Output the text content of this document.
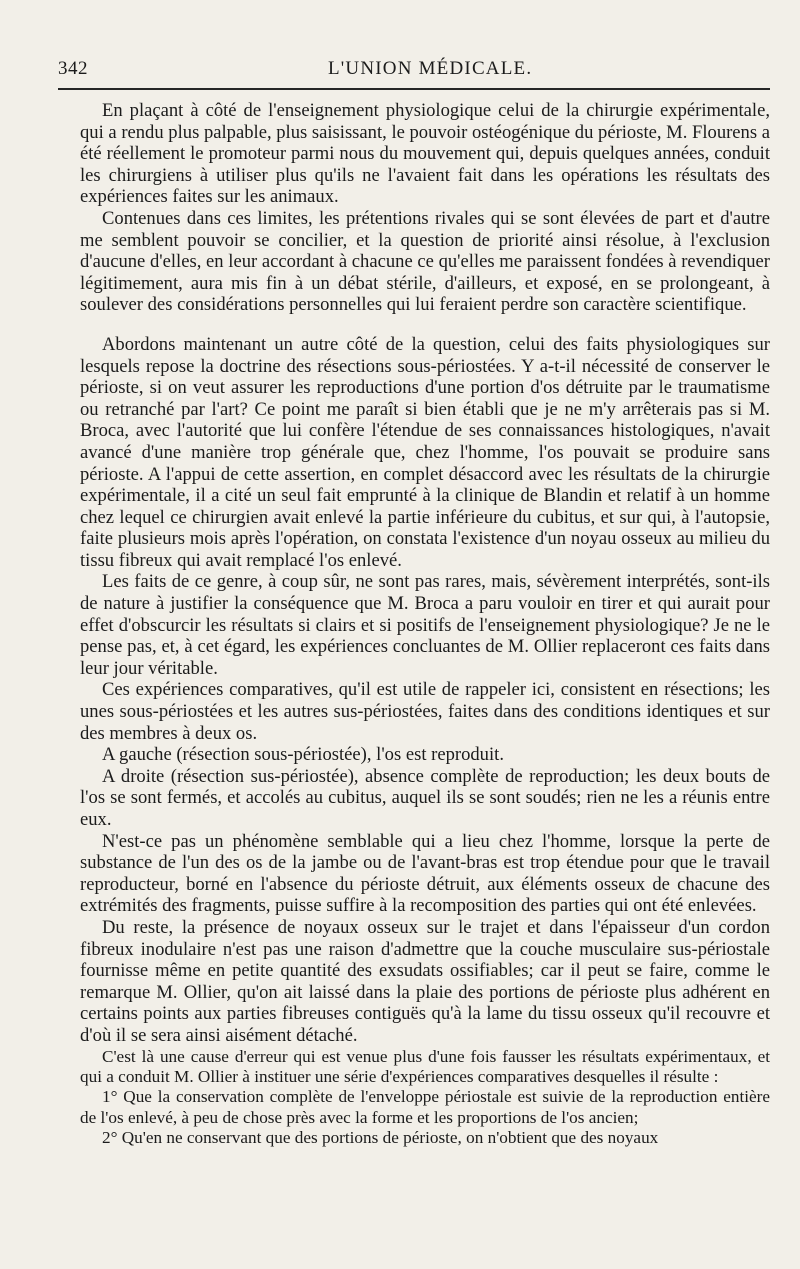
342	L'UNION MÉDICALE.

En plaçant à côté de l'enseignement physiologique celui de la chirurgie expérimentale, qui a rendu plus palpable, plus saisissant, le pouvoir ostéogénique du périoste, M. Flourens a été réellement le promoteur parmi nous du mouvement qui, depuis quelques années, conduit les chirurgiens à utiliser plus qu'ils ne l'avaient fait dans les opérations les résultats des expériences faites sur les animaux.

Contenues dans ces limites, les prétentions rivales qui se sont élevées de part et d'autre me semblent pouvoir se concilier, et la question de priorité ainsi résolue, à l'exclusion d'aucune d'elles, en leur accordant à chacune ce qu'elles me paraissent fondées à revendiquer légitimement, aura mis fin à un débat stérile, d'ailleurs, et exposé, en se prolongeant, à soulever des considérations personnelles qui lui feraient perdre son caractère scientifique.

Abordons maintenant un autre côté de la question, celui des faits physiologiques sur lesquels repose la doctrine des résections sous-périostées. Y a-t-il nécessité de conserver le périoste, si on veut assurer les reproductions d'une portion d'os détruite par le traumatisme ou retranché par l'art? Ce point me paraît si bien établi que je ne m'y arrêterais pas si M. Broca, avec l'autorité que lui confère l'étendue de ses connaissances histologiques, n'avait avancé d'une manière trop générale que, chez l'homme, l'os pouvait se produire sans périoste. A l'appui de cette assertion, en complet désaccord avec les résultats de la chirurgie expérimentale, il a cité un seul fait emprunté à la clinique de Blandin et relatif à un homme chez lequel ce chirurgien avait enlevé la partie inférieure du cubitus, et sur qui, à l'autopsie, faite plusieurs mois après l'opération, on constata l'existence d'un noyau osseux au milieu du tissu fibreux qui avait remplacé l'os enlevé.

Les faits de ce genre, à coup sûr, ne sont pas rares, mais, sévèrement interprétés, sont-ils de nature à justifier la conséquence que M. Broca a paru vouloir en tirer et qui aurait pour effet d'obscurcir les résultats si clairs et si positifs de l'enseignement physiologique? Je ne le pense pas, et, à cet égard, les expériences concluantes de M. Ollier replaceront ces faits dans leur jour véritable.

Ces expériences comparatives, qu'il est utile de rappeler ici, consistent en résections; les unes sous-périostées et les autres sus-périostées, faites dans des conditions identiques et sur des membres à deux os.

A gauche (résection sous-périostée), l'os est reproduit.

A droite (résection sus-périostée), absence complète de reproduction; les deux bouts de l'os se sont fermés, et accolés au cubitus, auquel ils se sont soudés; rien ne les a réunis entre eux.

N'est-ce pas un phénomène semblable qui a lieu chez l'homme, lorsque la perte de substance de l'un des os de la jambe ou de l'avant-bras est trop étendue pour que le travail reproducteur, borné en l'absence du périoste détruit, aux éléments osseux de chacune des extrémités des fragments, puisse suffire à la recomposition des parties qui ont été enlevées.

Du reste, la présence de noyaux osseux sur le trajet et dans l'épaisseur d'un cordon fibreux inodulaire n'est pas une raison d'admettre que la couche musculaire sus-périostale fournisse même en petite quantité des exsudats ossifiables; car il peut se faire, comme le remarque M. Ollier, qu'on ait laissé dans la plaie des portions de périoste plus adhérent en certains points aux parties fibreuses contiguës qu'à la lame du tissu osseux qu'il recouvre et d'où il se sera ainsi aisément détaché.

C'est là une cause d'erreur qui est venue plus d'une fois fausser les résultats expérimentaux, et qui a conduit M. Ollier à instituer une série d'expériences comparatives desquelles il résulte :

1° Que la conservation complète de l'enveloppe périostale est suivie de la reproduction entière de l'os enlevé, à peu de chose près avec la forme et les proportions de l'os ancien;

2° Qu'en ne conservant que des portions de périoste, on n'obtient que des noyaux
